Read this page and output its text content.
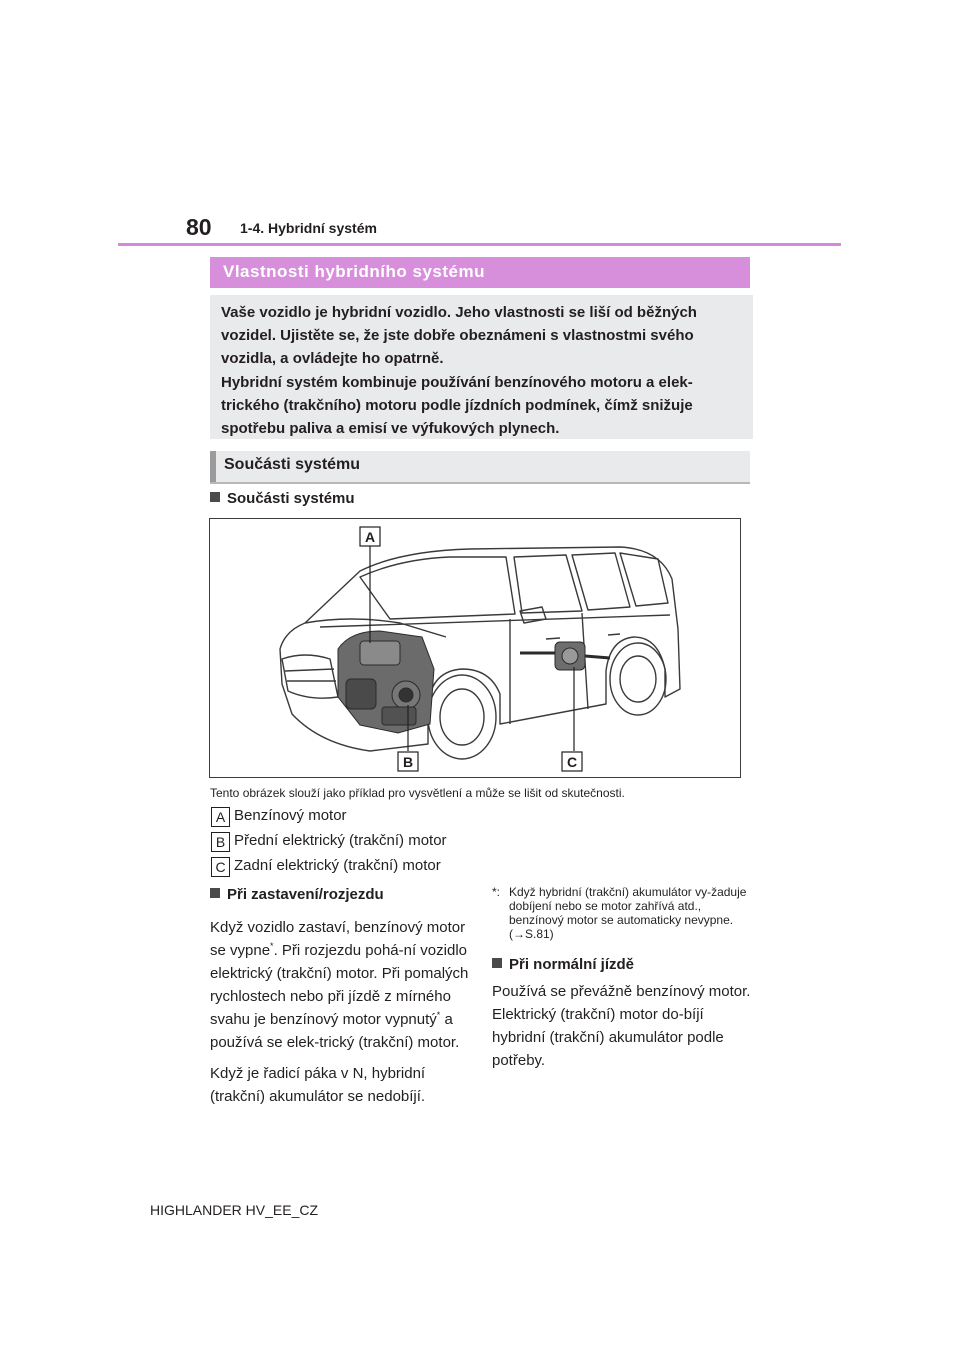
80 1-4. Hybridní systém
Vlastnosti hybridního systému

Vaše vozidlo je hybridní vozidlo. Jeho vlastnosti se liší od běžných vozidel. Ujistěte se, že jste dobře obeznámeni s vlastnostmi svého vozidla, a ovládejte ho opatrně.

Hybridní systém kombinuje používání benzínového motoru a elek-trického (trakčního) motoru podle jízdních podmínek, čímž snižuje spotřebu paliva a emisí ve výfukových plynech.

Součásti systému
Součásti systému
A
B	C
Tento obrázek slouží jako příklad pro vysvětlení a může se lišit od skutečnosti.
A Benzínový motor
B Přední elektrický (trakční) motor
C Zadní elektrický (trakční) motor
Při zastavení/rozjezdu

Když vozidlo zastaví, benzínový motor se vypne*. Při rozjezdu pohá-ní vozidlo elektrický (trakční) motor. Při pomalých rychlostech nebo při jízdě z mírného svahu je benzínový motor vypnutý* a používá se elek-trický (trakční) motor.

Když je řadicí páka v N, hybridní (trakční) akumulátor se nedobíjí.

*: Když hybridní (trakční) akumulátor vy-žaduje dobíjení nebo se motor zahřívá atd., benzínový motor se automaticky nevypne. (→S.81)
Při normální jízdě

Používá se převážně benzínový motor. Elektrický (trakční) motor do-bíjí hybridní (trakční) akumulátor podle potřeby.

HIGHLANDER HV_EE_CZ
